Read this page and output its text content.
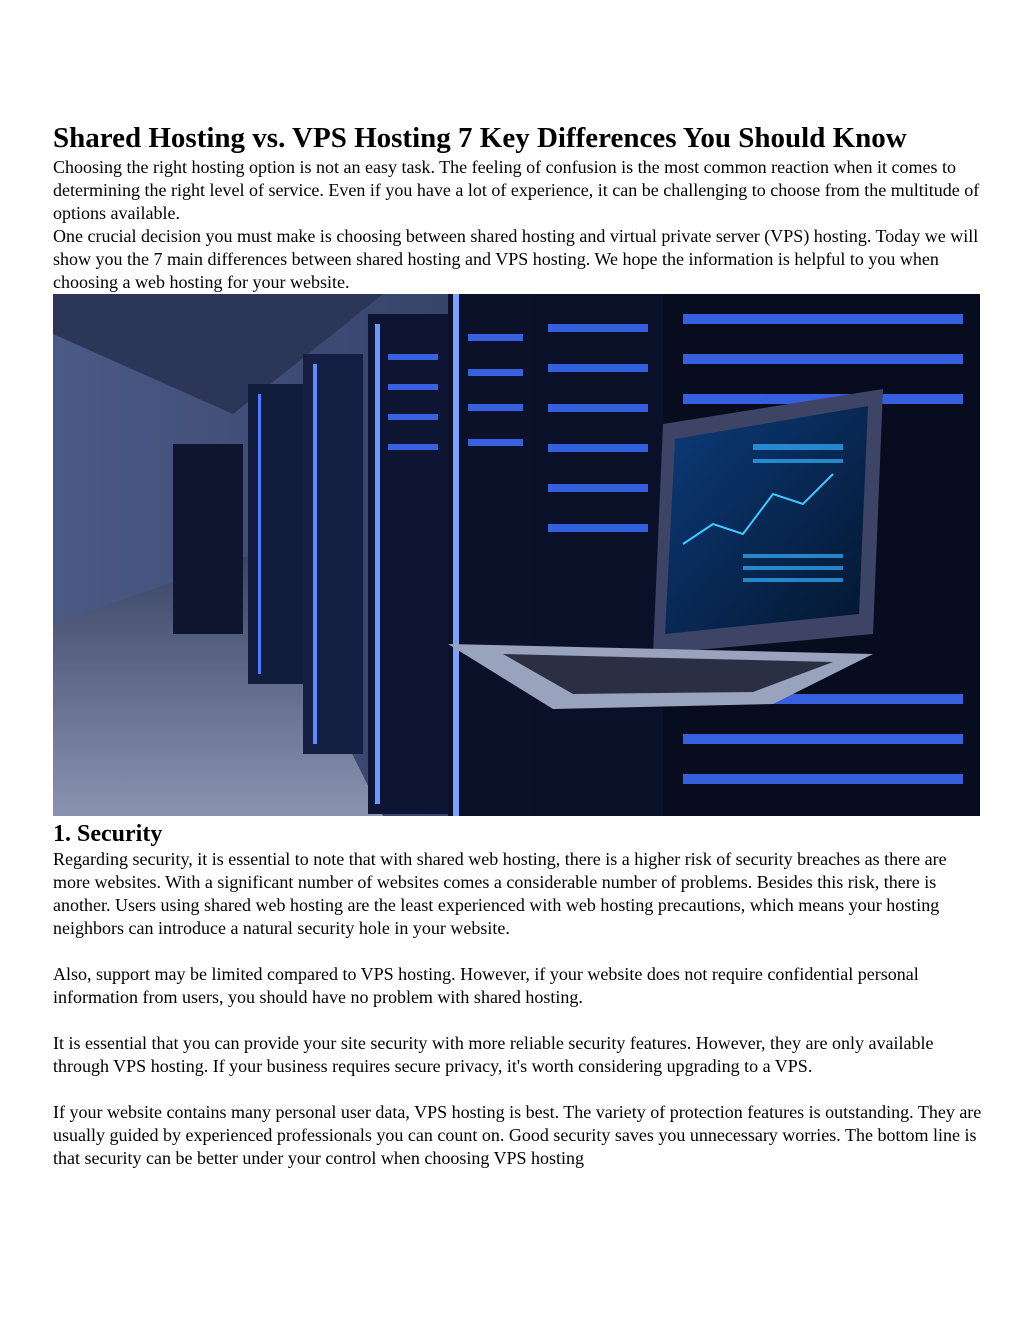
Shared Hosting vs. VPS Hosting 7 Key Differences You Should Know

Choosing the right hosting option is not an easy task. The feeling of confusion is the most common reaction when it comes to determining the right level of service. Even if you have a lot of experience, it can be challenging to choose from the multitude of options available.

One crucial decision you must make is choosing between shared hosting and virtual private server (VPS) hosting. Today we will show you the 7 main differences between shared hosting and VPS hosting. We hope the information is helpful to you when choosing a web hosting for your website.

1. Security

Regarding security, it is essential to note that with shared web hosting, there is a higher risk of security breaches as there are more websites. With a significant number of websites comes a considerable number of problems. Besides this risk, there is another. Users using shared web hosting are the least experienced with web hosting precautions, which means your hosting neighbors can introduce a natural security hole in your website.

Also, support may be limited compared to VPS hosting. However, if your website does not require confidential personal information from users, you should have no problem with shared hosting.

It is essential that you can provide your site security with more reliable security features. However, they are only available through VPS hosting. If your business requires secure privacy, it's worth considering upgrading to a VPS.

If your website contains many personal user data, VPS hosting is best. The variety of protection features is outstanding. They are usually guided by experienced professionals you can count on. Good security saves you unnecessary worries. The bottom line is that security can be better under your control when choosing VPS hosting
